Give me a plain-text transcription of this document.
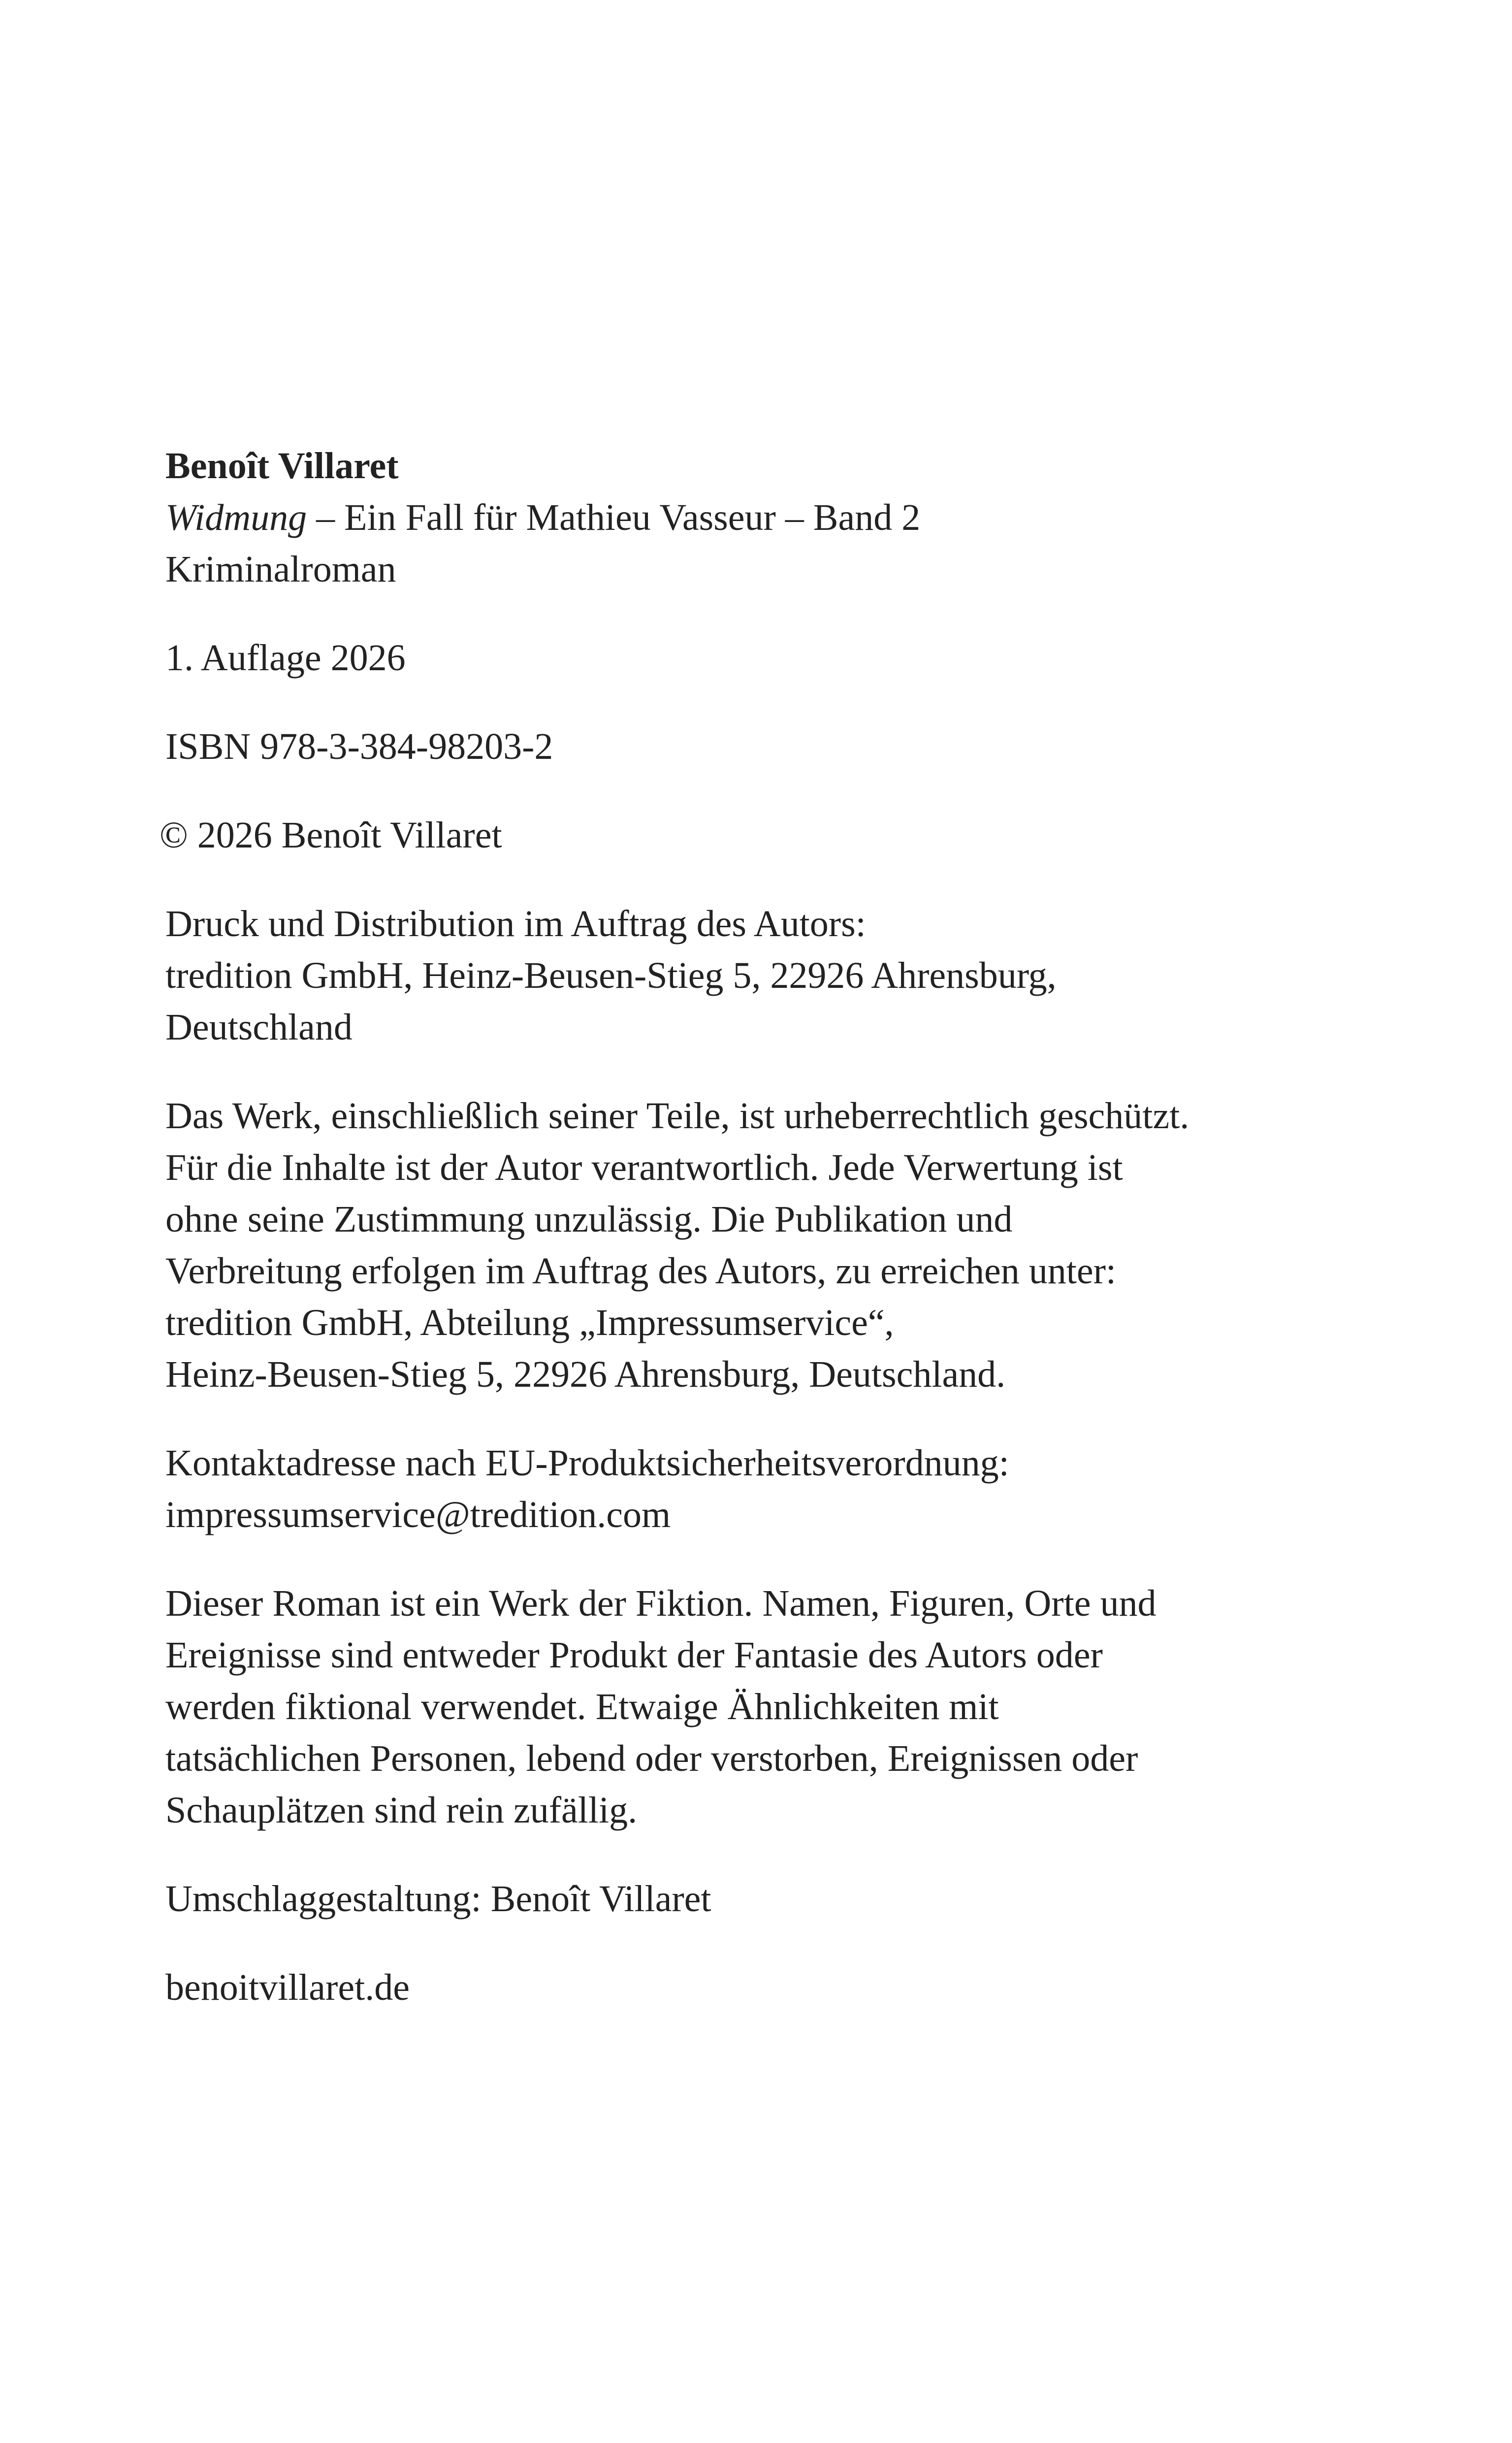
Benoît Villaret
Widmung – Ein Fall für Mathieu Vasseur – Band 2
Kriminalroman
1. Auflage 2026
ISBN 978-3-384-98203-2
© 2026 Benoît Villaret
Druck und Distribution im Auftrag des Autors:
tredition GmbH, Heinz-Beusen-Stieg 5, 22926 Ahrensburg,
Deutschland
Das Werk, einschließlich seiner Teile, ist urheberrechtlich geschützt.
Für die Inhalte ist der Autor verantwortlich. Jede Verwertung ist
ohne seine Zustimmung unzulässig. Die Publikation und
Verbreitung erfolgen im Auftrag des Autors, zu erreichen unter:
tredition GmbH, Abteilung „Impressumservice“,
Heinz-Beusen-Stieg 5, 22926 Ahrensburg, Deutschland.
Kontaktadresse nach EU-Produktsicherheitsverordnung:
impressumservice@tredition.com
Dieser Roman ist ein Werk der Fiktion. Namen, Figuren, Orte und
Ereignisse sind entweder Produkt der Fantasie des Autors oder
werden fiktional verwendet. Etwaige Ähnlichkeiten mit
tatsächlichen Personen, lebend oder verstorben, Ereignissen oder
Schauplätzen sind rein zufällig.
Umschlaggestaltung: Benoît Villaret
benoitvillaret.de
